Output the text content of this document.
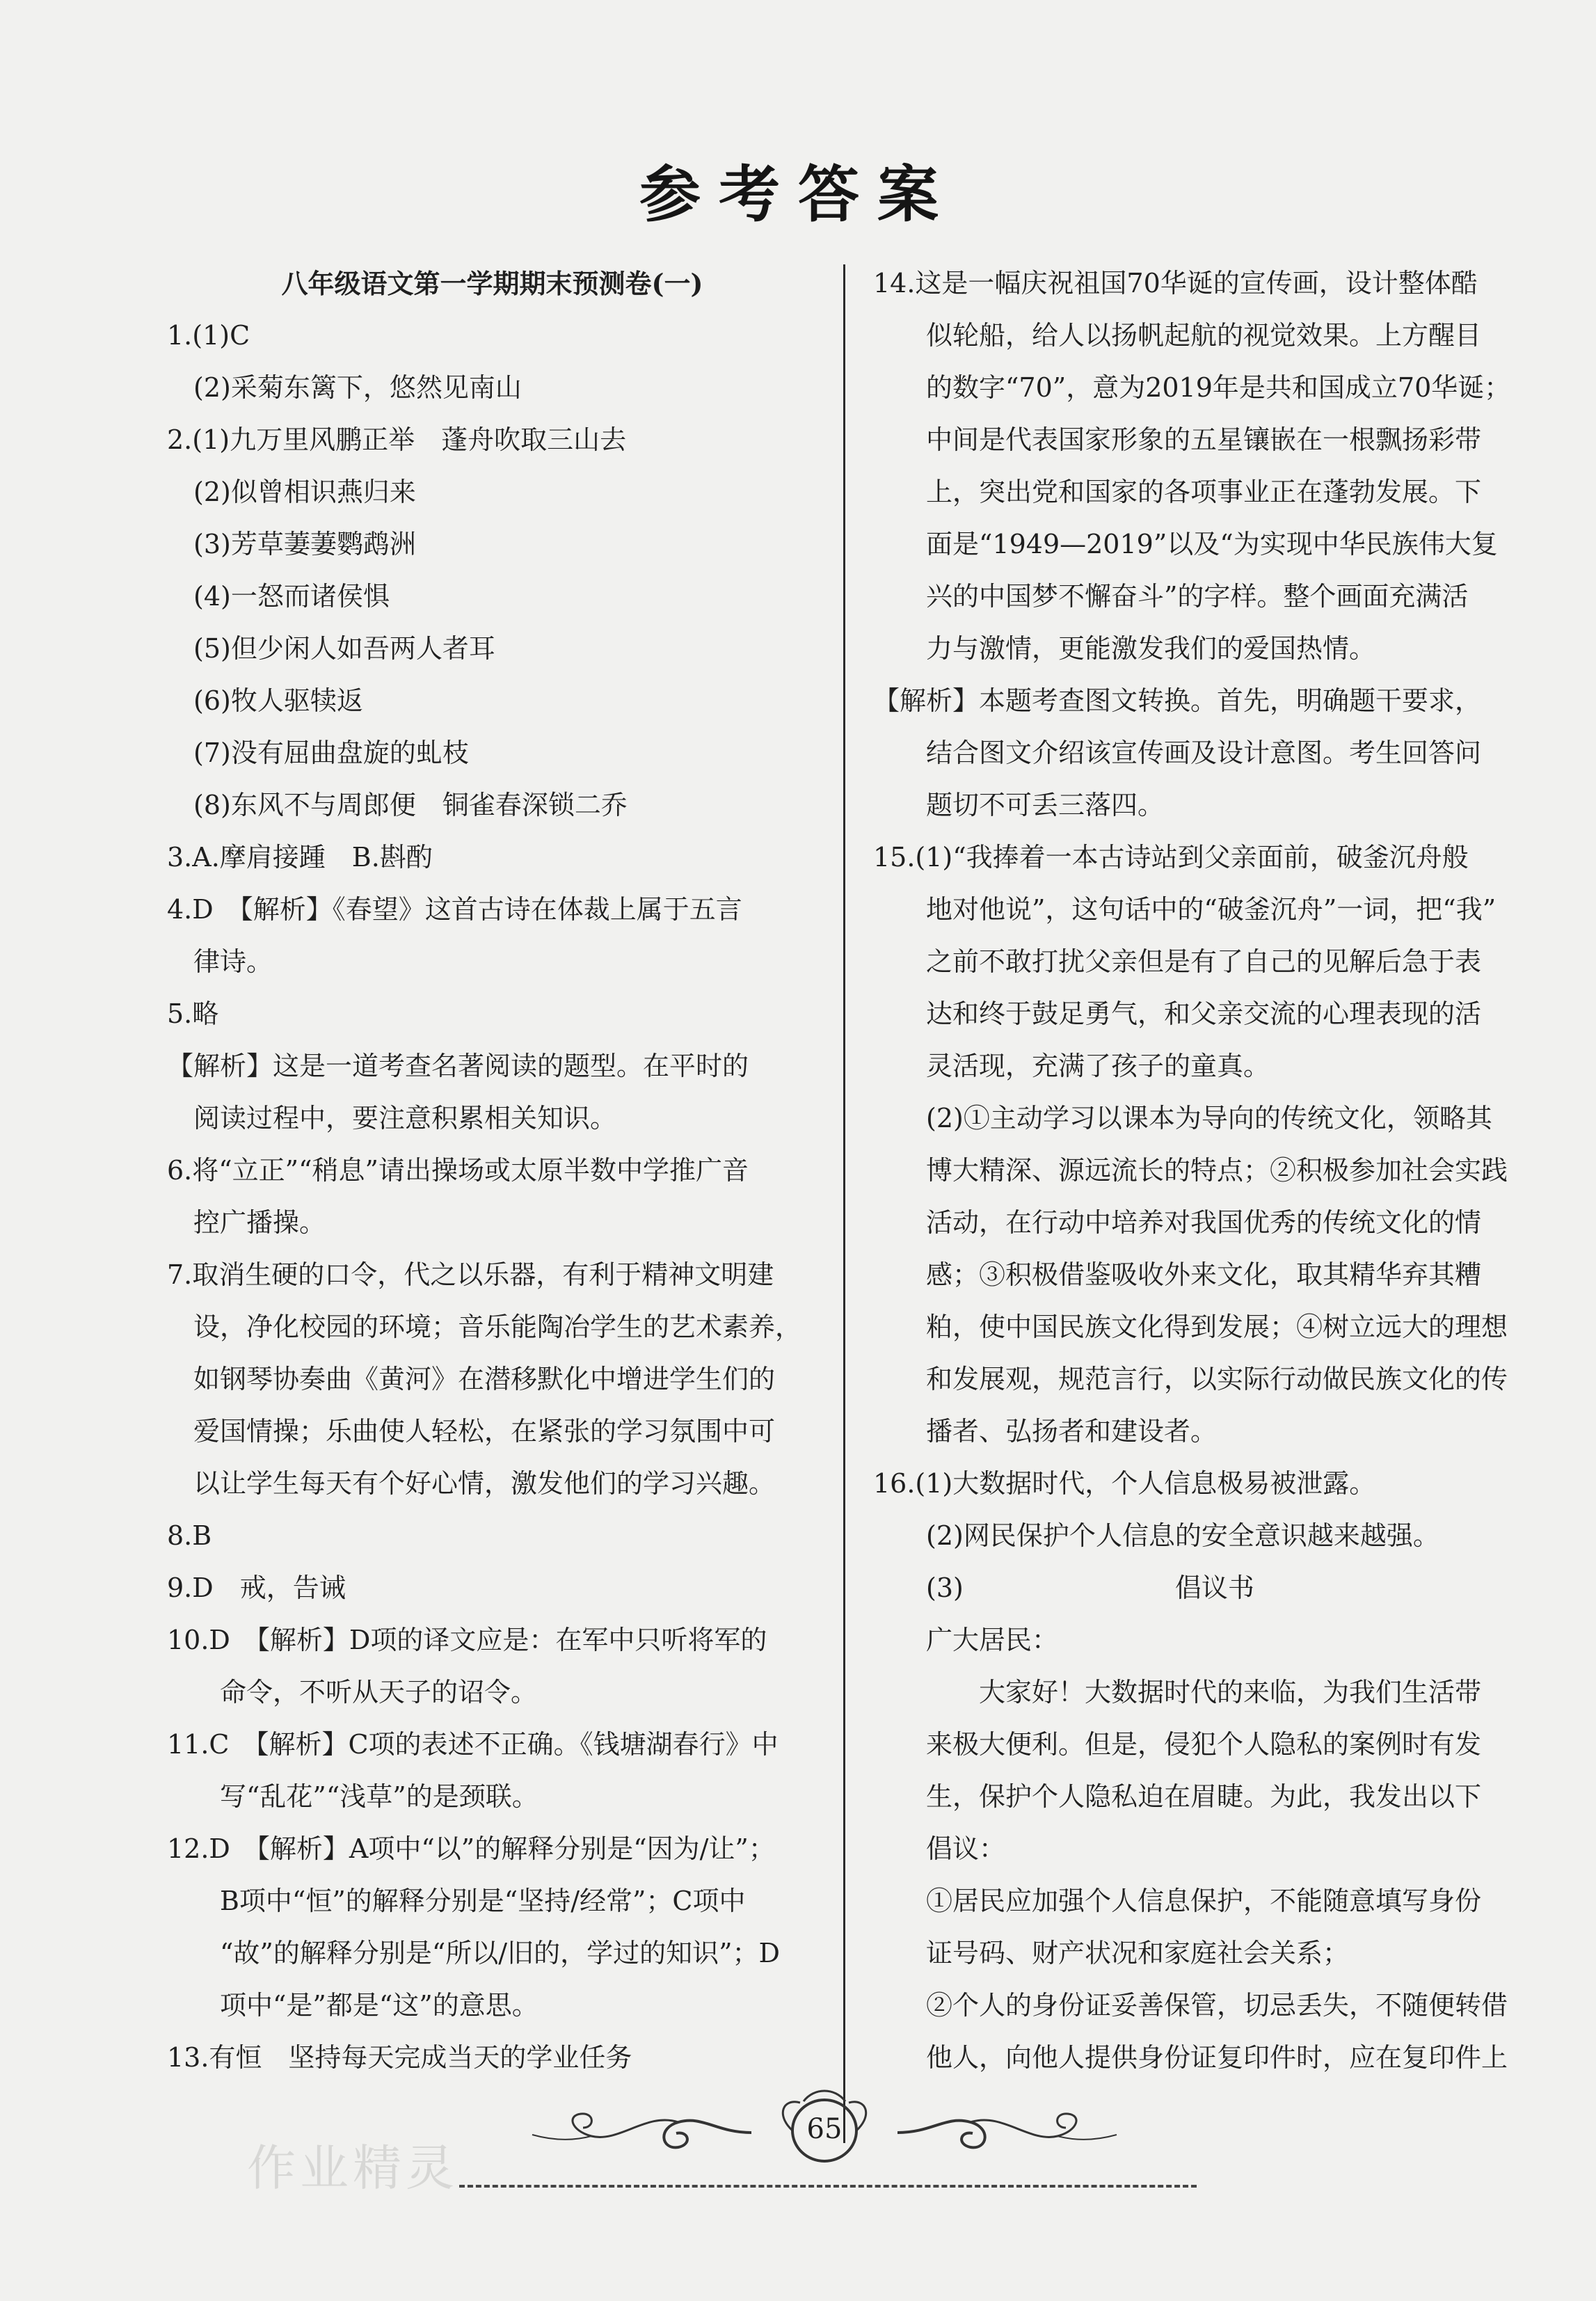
参考答案
八年级语文第一学期期末预测卷(一)
1.(1)C
(2)采菊东篱下，悠然见南山
2.(1)九万里风鹏正举　蓬舟吹取三山去
(2)似曾相识燕归来
(3)芳草萋萋鹦鹉洲
(4)一怒而诸侯惧
(5)但少闲人如吾两人者耳
(6)牧人驱犊返
(7)没有屈曲盘旋的虬枝
(8)东风不与周郎便　铜雀春深锁二乔
3.A.摩肩接踵　B.斟酌
4.D　【解析】《春望》这首古诗在体裁上属于五言
律诗。
5.略
【解析】这是一道考查名著阅读的题型。在平时的
阅读过程中，要注意积累相关知识。
6.将“立正”“稍息”请出操场或太原半数中学推广音
控广播操。
7.取消生硬的口令，代之以乐器，有利于精神文明建
设，净化校园的环境；音乐能陶冶学生的艺术素养，
如钢琴协奏曲《黄河》在潜移默化中增进学生们的
爱国情操；乐曲使人轻松，在紧张的学习氛围中可
以让学生每天有个好心情，激发他们的学习兴趣。
8.B
9.D　戒，告诫
10.D　【解析】D项的译文应是：在军中只听将军的
命令，不听从天子的诏令。
11.C　【解析】C项的表述不正确。《钱塘湖春行》中
写“乱花”“浅草”的是颈联。
12.D　【解析】A项中“以”的解释分别是“因为/让”；
B项中“恒”的解释分别是“坚持/经常”；C项中
“故”的解释分别是“所以/旧的，学过的知识”；D
项中“是”都是“这”的意思。
13.有恒　坚持每天完成当天的学业任务
14.这是一幅庆祝祖国70华诞的宣传画，设计整体酷
似轮船，给人以扬帆起航的视觉效果。上方醒目
的数字“70”，意为2019年是共和国成立70华诞；
中间是代表国家形象的五星镶嵌在一根飘扬彩带
上，突出党和国家的各项事业正在蓬勃发展。下
面是“1949—2019”以及“为实现中华民族伟大复
兴的中国梦不懈奋斗”的字样。整个画面充满活
力与激情，更能激发我们的爱国热情。
【解析】本题考查图文转换。首先，明确题干要求，
结合图文介绍该宣传画及设计意图。考生回答问
题切不可丢三落四。
15.(1)“我捧着一本古诗站到父亲面前，破釜沉舟般
地对他说”，这句话中的“破釜沉舟”一词，把“我”
之前不敢打扰父亲但是有了自己的见解后急于表
达和终于鼓足勇气，和父亲交流的心理表现的活
灵活现，充满了孩子的童真。
(2)①主动学习以课本为导向的传统文化，领略其
博大精深、源远流长的特点；②积极参加社会实践
活动，在行动中培养对我国优秀的传统文化的情
感；③积极借鉴吸收外来文化，取其精华弃其糟
粕，使中国民族文化得到发展；④树立远大的理想
和发展观，规范言行，以实际行动做民族文化的传
播者、弘扬者和建设者。
16.(1)大数据时代，个人信息极易被泄露。
(2)网民保护个人信息的安全意识越来越强。
(3)　　　　　　　　倡议书
广大居民：
　　大家好！大数据时代的来临，为我们生活带
来极大便利。但是，侵犯个人隐私的案例时有发
生，保护个人隐私迫在眉睫。为此，我发出以下
倡议：
①居民应加强个人信息保护，不能随意填写身份
证号码、财产状况和家庭社会关系；
②个人的身份证妥善保管，切忌丢失，不随便转借
他人，向他人提供身份证复印件时，应在复印件上
65
作业精灵
